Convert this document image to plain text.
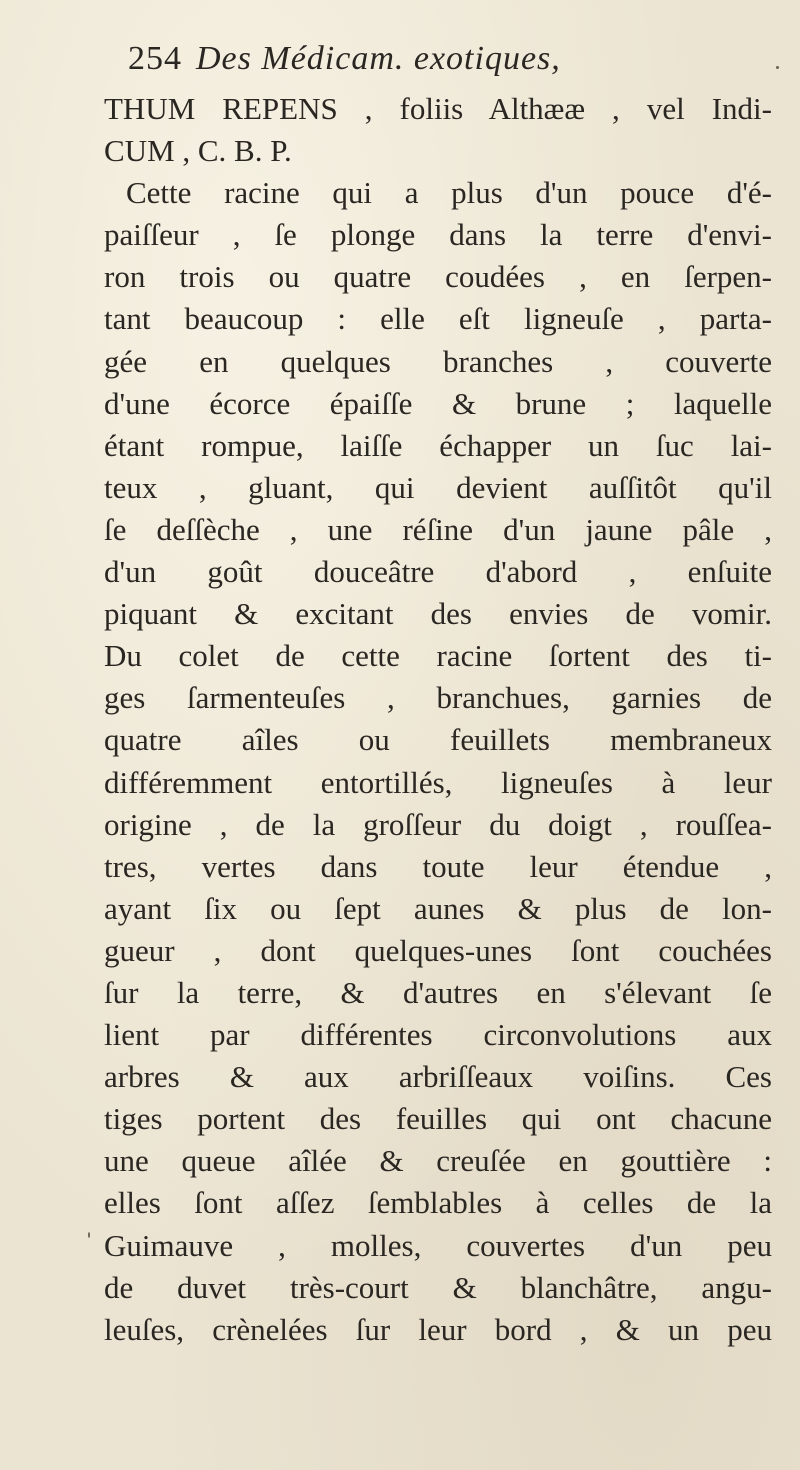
254 Des Médicam. exotiques,
THUM REPENS , foliis Althææ , vel Indi-
CUM , C. B. P.
Cette racine qui a plus d'un pouce d'é-
paiſſeur , ſe plonge dans la terre d'envi-
ron trois ou quatre coudées , en ſerpen-
tant beaucoup : elle eſt ligneuſe , parta-
gée en quelques branches , couverte
d'une écorce épaiſſe & brune ; laquelle
étant rompue, laiſſe échapper un ſuc lai-
teux , gluant, qui devient auſſitôt qu'il
ſe deſſèche , une réſine d'un jaune pâle ,
d'un goût douceâtre d'abord , enſuite
piquant & excitant des envies de vomir.
Du colet de cette racine ſortent des ti-
ges ſarmenteuſes , branchues, garnies de
quatre aîles ou feuillets membraneux
différemment entortillés, ligneuſes à leur
origine , de la groſſeur du doigt , rouſſea-
tres, vertes dans toute leur étendue ,
ayant ſix ou ſept aunes & plus de lon-
gueur , dont quelques-unes ſont couchées
ſur la terre, & d'autres en s'élevant ſe
lient par différentes circonvolutions aux
arbres & aux arbriſſeaux voiſins. Ces
tiges portent des feuilles qui ont chacune
une queue aîlée & creuſée en gouttière :
elles ſont aſſez ſemblables à celles de la
Guimauve , molles, couvertes d'un peu
de duvet très-court & blanchâtre, angu-
leuſes, crènelées ſur leur bord , & un peu
